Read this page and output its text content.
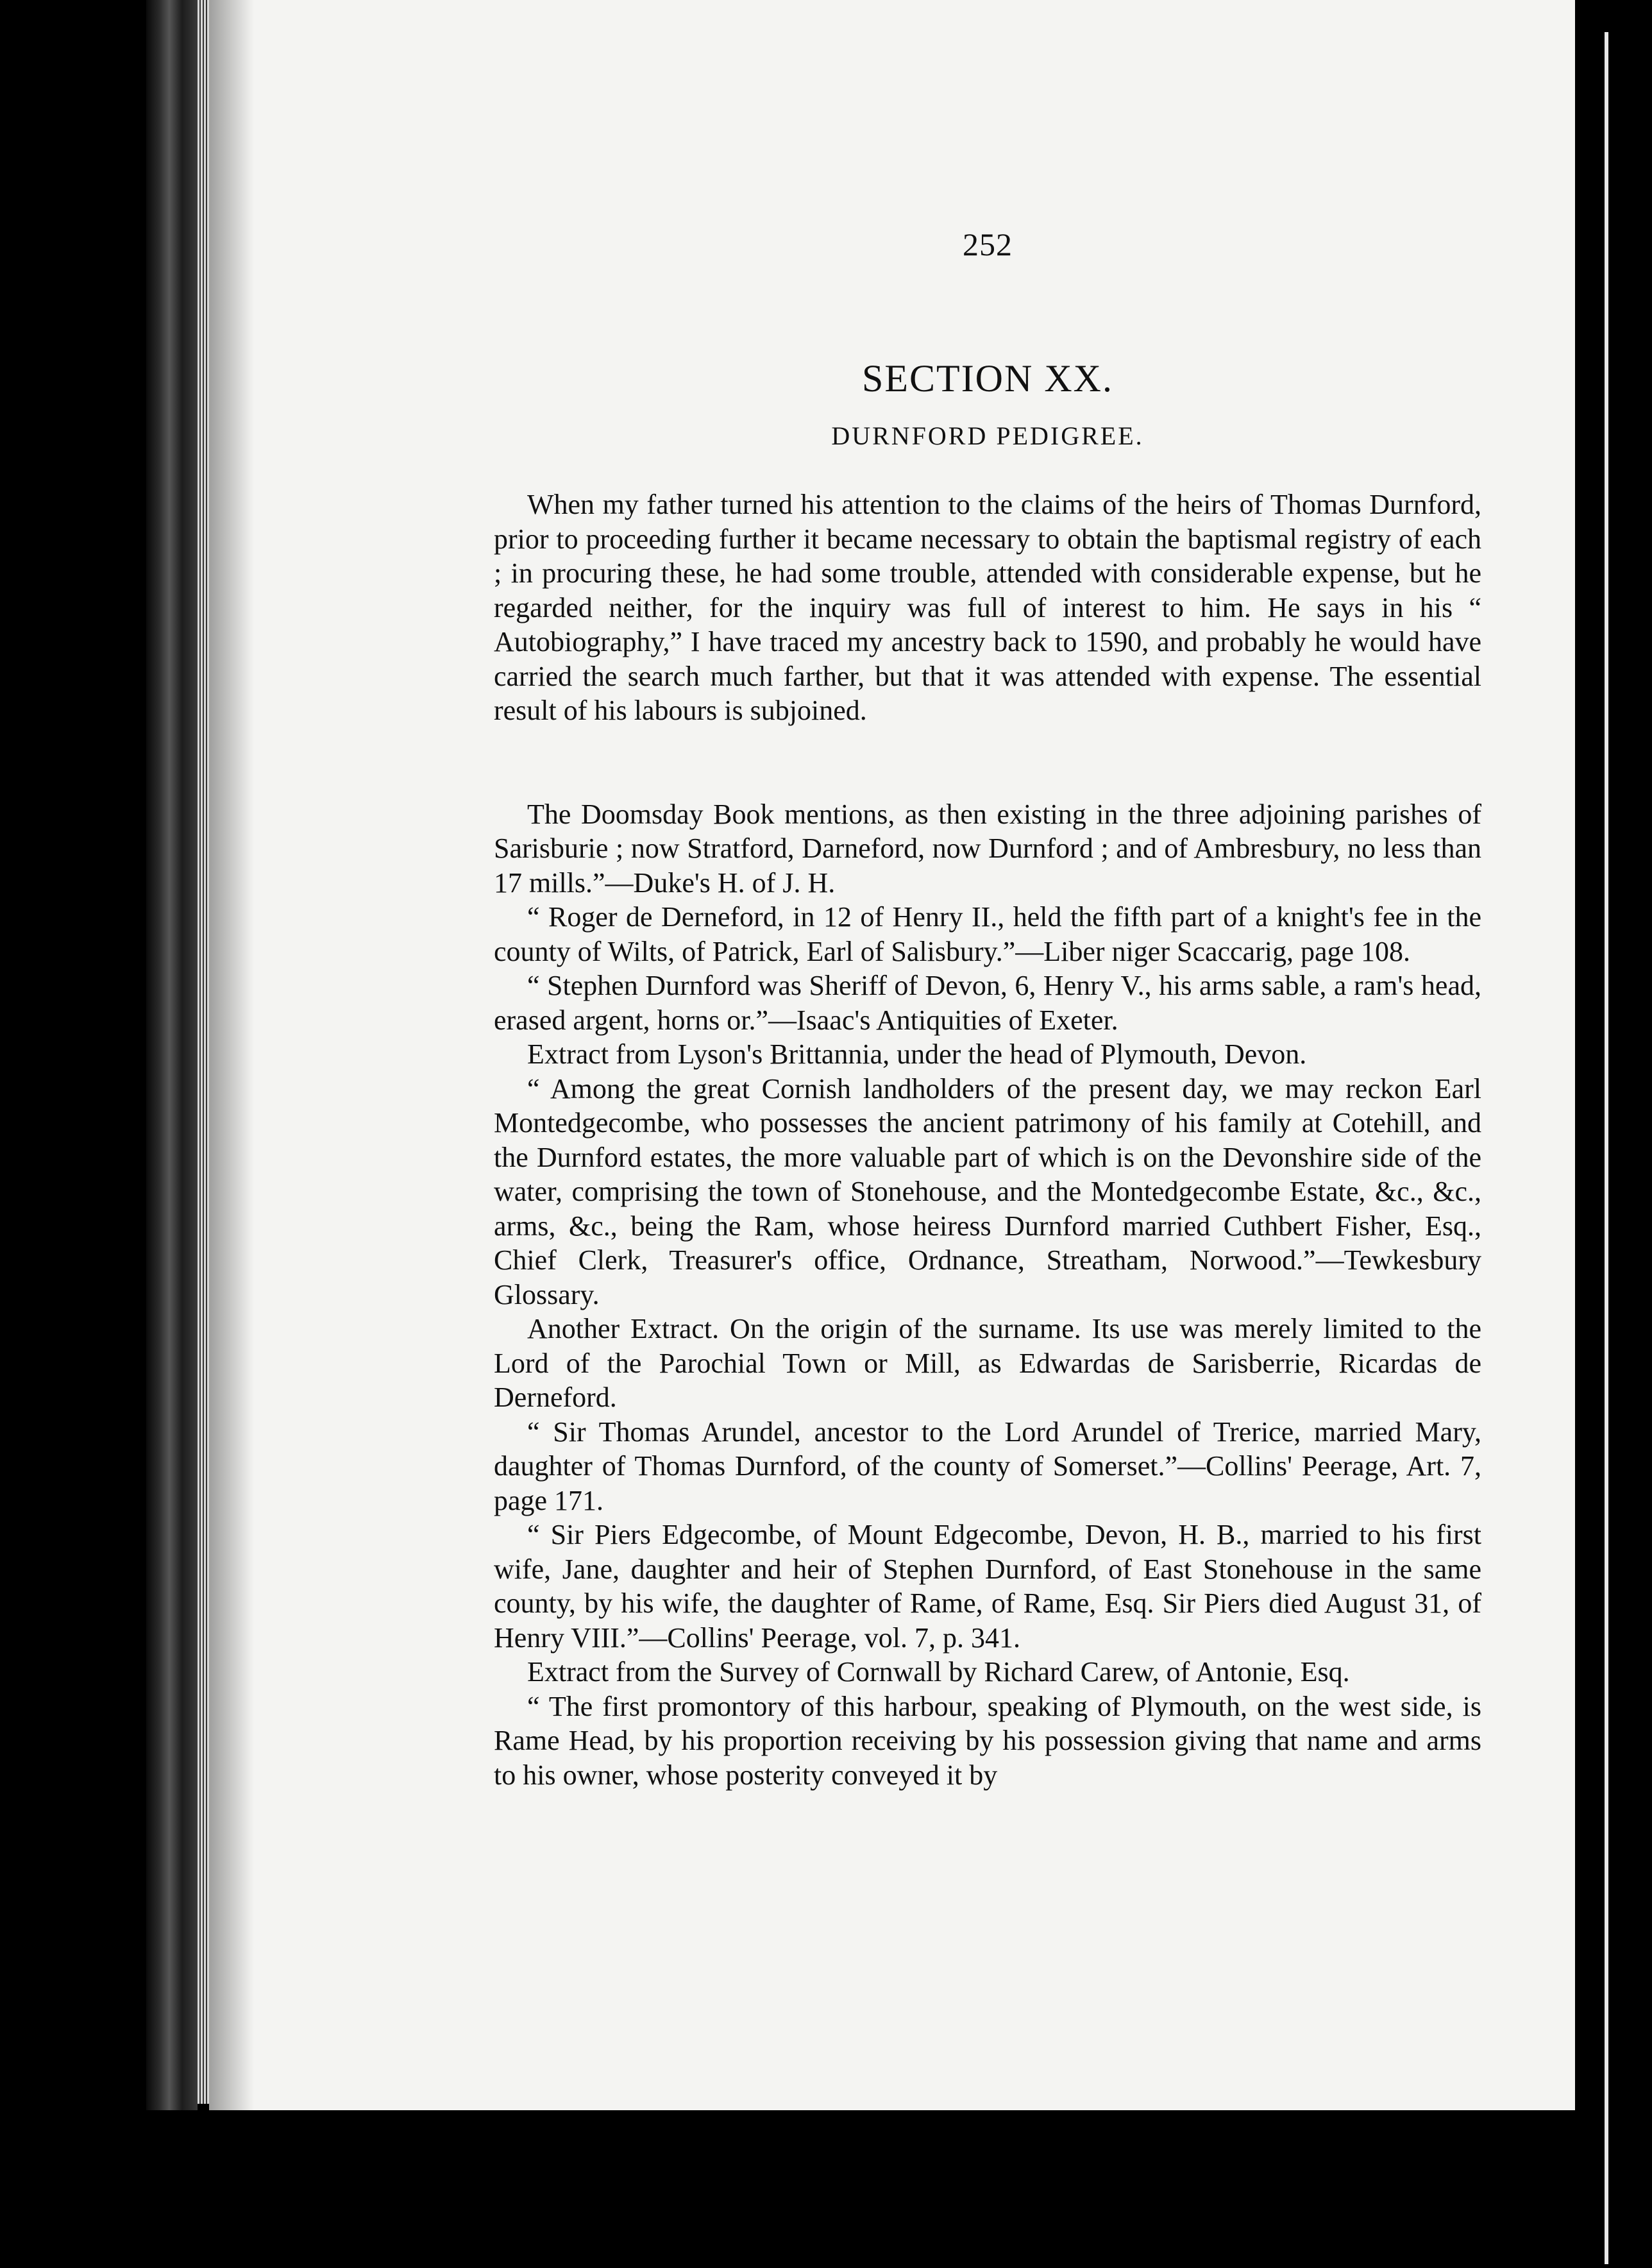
252
SECTION XX.
DURNFORD PEDIGREE.

When my father turned his attention to the claims of the heirs of Thomas Durnford, prior to proceeding further it became necessary to obtain the baptismal registry of each ; in procuring these, he had some trouble, attended with considerable expense, but he regarded neither, for the inquiry was full of interest to him. He says in his “ Autobiography,” I have traced my ancestry back to 1590, and probably he would have carried the search much farther, but that it was attended with expense. The essential result of his labours is subjoined.

The Doomsday Book mentions, as then existing in the three adjoining parishes of Sarisburie ; now Stratford, Darneford, now Durnford ; and of Ambresbury, no less than 17 mills.”—Duke's H. of J. H.

“ Roger de Derneford, in 12 of Henry II., held the fifth part of a knight's fee in the county of Wilts, of Patrick, Earl of Salisbury.”—Liber niger Scaccarig, page 108.

“ Stephen Durnford was Sheriff of Devon, 6, Henry V., his arms sable, a ram's head, erased argent, horns or.”—Isaac's Antiquities of Exeter.

Extract from Lyson's Brittannia, under the head of Plymouth, Devon.

“ Among the great Cornish landholders of the present day, we may reckon Earl Montedgecombe, who possesses the ancient patrimony of his family at Cotehill, and the Durnford estates, the more valuable part of which is on the Devonshire side of the water, comprising the town of Stonehouse, and the Montedgecombe Estate, &c., &c., arms, &c., being the Ram, whose heiress Durnford married Cuthbert Fisher, Esq., Chief Clerk, Treasurer's office, Ordnance, Streatham, Norwood.”—Tewkesbury Glossary.

Another Extract. On the origin of the surname. Its use was merely limited to the Lord of the Parochial Town or Mill, as Edwardas de Sarisberrie, Ricardas de Derneford.

“ Sir Thomas Arundel, ancestor to the Lord Arundel of Trerice, married Mary, daughter of Thomas Durnford, of the county of Somerset.”—Collins' Peerage, Art. 7, page 171.

“ Sir Piers Edgecombe, of Mount Edgecombe, Devon, H. B., married to his first wife, Jane, daughter and heir of Stephen Durnford, of East Stonehouse in the same county, by his wife, the daughter of Rame, of Rame, Esq. Sir Piers died August 31, of Henry VIII.”—Collins' Peerage, vol. 7, p. 341.

Extract from the Survey of Cornwall by Richard Carew, of Antonie, Esq.

“ The first promontory of this harbour, speaking of Plymouth, on the west side, is Rame Head, by his proportion receiving by his possession giving that name and arms to his owner, whose posterity conveyed it by
